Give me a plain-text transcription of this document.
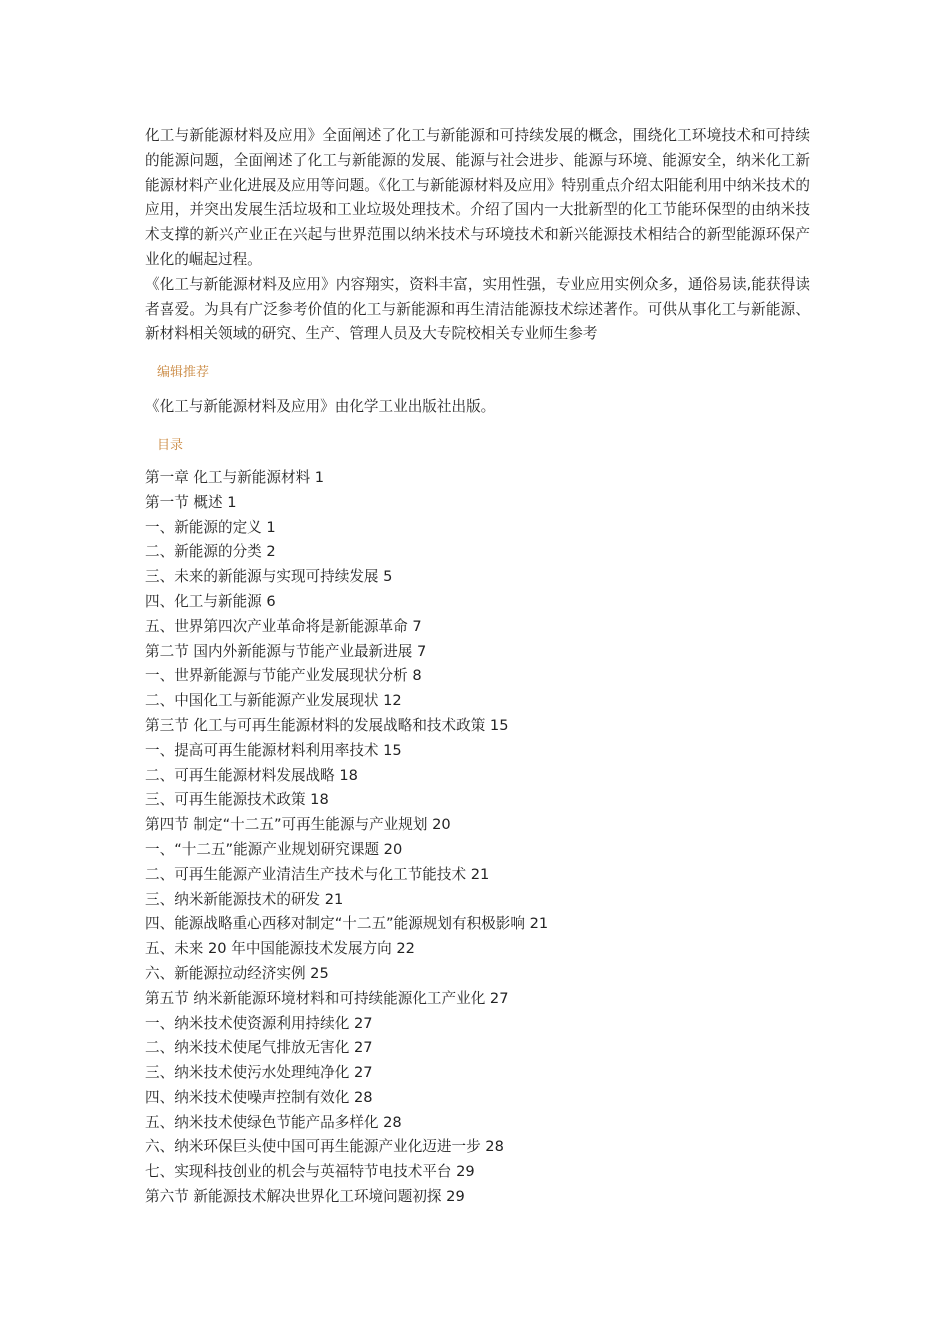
化工与新能源材料及应用》全面阐述了化工与新能源和可持续发展的概念，围绕化工环境技术和可持续的能源问题，全面阐述了化工与新能源的发展、能源与社会进步、能源与环境、能源安全，纳米化工新能源材料产业化进展及应用等问题。《化工与新能源材料及应用》特别重点介绍太阳能利用中纳米技术的应用，并突出发展生活垃圾和工业垃圾处理技术。介绍了国内一大批新型的化工节能环保型的由纳米技术支撑的新兴产业正在兴起与世界范围以纳米技术与环境技术和新兴能源技术相结合的新型能源环保产业化的崛起过程。

《化工与新能源材料及应用》内容翔实，资料丰富，实用性强，专业应用实例众多，通俗易读,能获得读者喜爱。为具有广泛参考价值的化工与新能源和再生清洁能源技术综述著作。可供从事化工与新能源、新材料相关领域的研究、生产、管理人员及大专院校相关专业师生参考

编辑推荐

《化工与新能源材料及应用》由化学工业出版社出版。

目录
第一章 化工与新能源材料 1
第一节 概述 1
一、新能源的定义 1
二、新能源的分类 2
三、未来的新能源与实现可持续发展 5
四、化工与新能源 6
五、世界第四次产业革命将是新能源革命 7
第二节 国内外新能源与节能产业最新进展 7
一、世界新能源与节能产业发展现状分析 8
二、中国化工与新能源产业发展现状 12
第三节 化工与可再生能源材料的发展战略和技术政策 15
一、提高可再生能源材料利用率技术 15
二、可再生能源材料发展战略 18
三、可再生能源技术政策 18
第四节 制定“十二五”可再生能源与产业规划 20
一、“十二五”能源产业规划研究课题 20
二、可再生能源产业清洁生产技术与化工节能技术 21
三、纳米新能源技术的研发 21
四、能源战略重心西移对制定“十二五”能源规划有积极影响 21
五、未来 20 年中国能源技术发展方向 22
六、新能源拉动经济实例 25
第五节 纳米新能源环境材料和可持续能源化工产业化 27
一、纳米技术使资源利用持续化 27
二、纳米技术使尾气排放无害化 27
三、纳米技术使污水处理纯净化 27
四、纳米技术使噪声控制有效化 28
五、纳米技术使绿色节能产品多样化 28
六、纳米环保巨头使中国可再生能源产业化迈进一步 28
七、实现科技创业的机会与英福特节电技术平台 29
第六节 新能源技术解决世界化工环境问题初探 29
